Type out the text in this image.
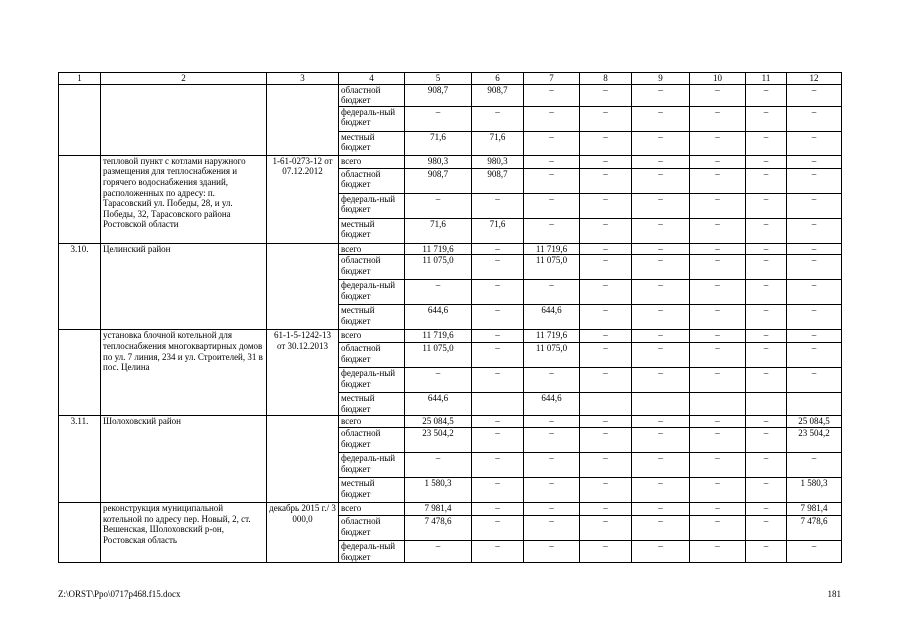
1	2	3	4	5	6	7	8	9	10	11	12
			областной бюджет	908,7	908,7	–	–	–	–	–	–
			федераль-ный бюджет	–	–	–	–	–	–	–	–
			местный бюджет	71,6	71,6	–	–	–	–	–	–
	тепловой пункт с котлами наружного размещения для теплоснабжения и горячего водоснабжения зданий, расположенных по адресу: п. Тарасовский ул. Победы, 28, и ул. Победы, 32, Тарасовского района Ростовской области	1-61-0273-12 от 07.12.2012	всего	980,3	980,3	–	–	–	–	–	–
			областной бюджет	908,7	908,7	–	–	–	–	–	–
			федераль-ный бюджет	–	–	–	–	–	–	–	–
			местный бюджет	71,6	71,6	–	–	–	–	–	–
3.10.	Целинский район		всего	11 719,6	–	11 719,6	–	–	–	–	–
			областной бюджет	11 075,0	–	11 075,0	–	–	–	–	–
			федераль-ный бюджет	–	–	–	–	–	–	–	–
			местный бюджет	644,6	–	644,6	–	–	–	–	–
	установка блочной котельной для теплоснабжения многоквартирных домов по ул. 7 линия, 234 и ул. Строителей, 31 в пос. Целина	61-1-5-1242-13 от 30.12.2013	всего	11 719,6	–	11 719,6	–	–	–	–	–
			областной бюджет	11 075,0	–	11 075,0	–	–	–	–	–
			федераль-ный бюджет	–	–	–	–	–	–	–	–
			местный бюджет	644,6		644,6					
3.11.	Шолоховский район		всего	25 084,5	–	–	–	–	–	–	25 084,5
			областной бюджет	23 504,2	–	–	–	–	–	–	23 504,2
			федераль-ный бюджет	–	–	–	–	–	–	–	–
			местный бюджет	1 580,3	–	–	–	–	–	–	1 580,3
	реконструкция муниципальной котельной по адресу пер. Новый, 2, ст. Вешенская, Шолоховский р-он, Ростовская область	декабрь 2015 г./ 3 000,0	всего	7 981,4	–	–	–	–	–	–	7 981,4
			областной бюджет	7 478,6	–	–	–	–	–	–	7 478,6
			федераль-ный бюджет	–	–	–	–	–	–	–	–
Z:\ORST\Ppo\0717p468.f15.docx	181
